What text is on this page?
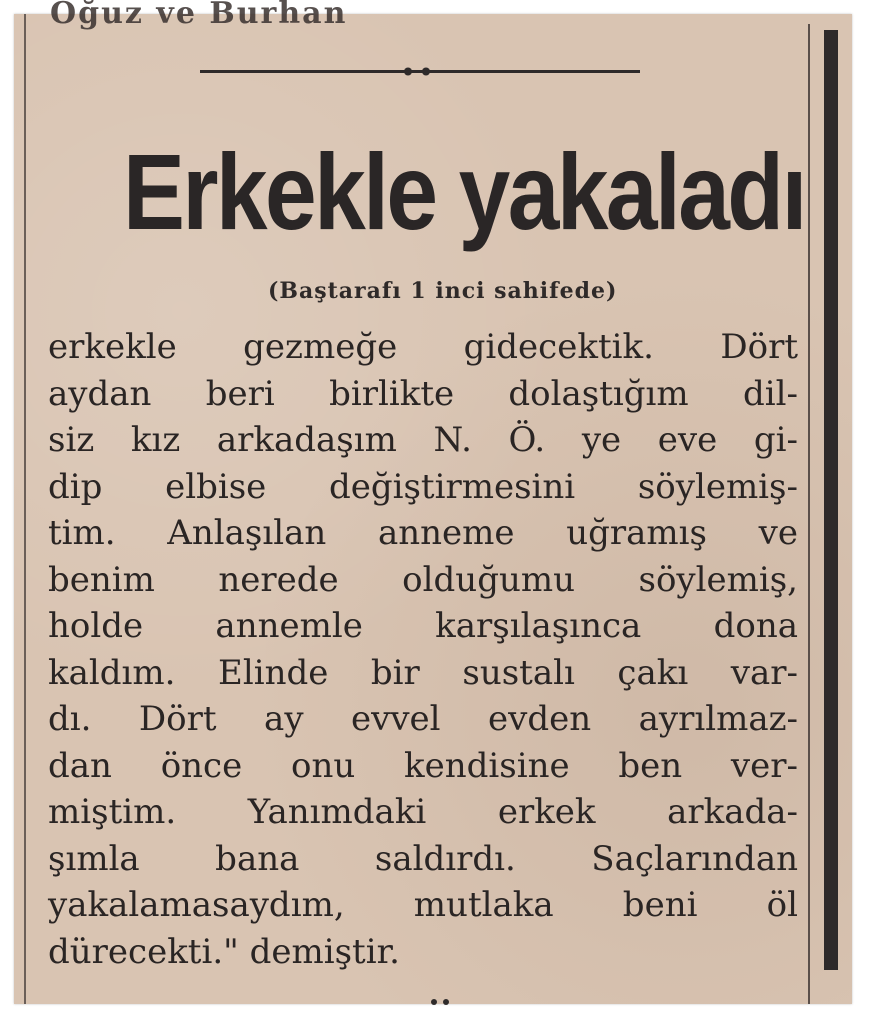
Oğuz ve Burhan
Erkekle yakaladı
(Baştarafı 1 inci sahifede)
erkekle gezmeğe gidecektik. Dört
aydan beri birlikte dolaştığım dil-
siz kız arkadaşım N. Ö. ye eve gi-
dip elbise değiştirmesini söylemiş-
tim. Anlaşılan anneme uğramış ve
benim nerede olduğumu söylemiş,
holde annemle karşılaşınca dona
kaldım. Elinde bir sustalı çakı var-
dı. Dört ay evvel evden ayrılmaz-
dan önce onu kendisine ben ver-
miştim. Yanımdaki erkek arkada-
şımla bana saldırdı. Saçlarından
yakalamasaydım, mutlaka beni öl
dürecekti." demiştir.
